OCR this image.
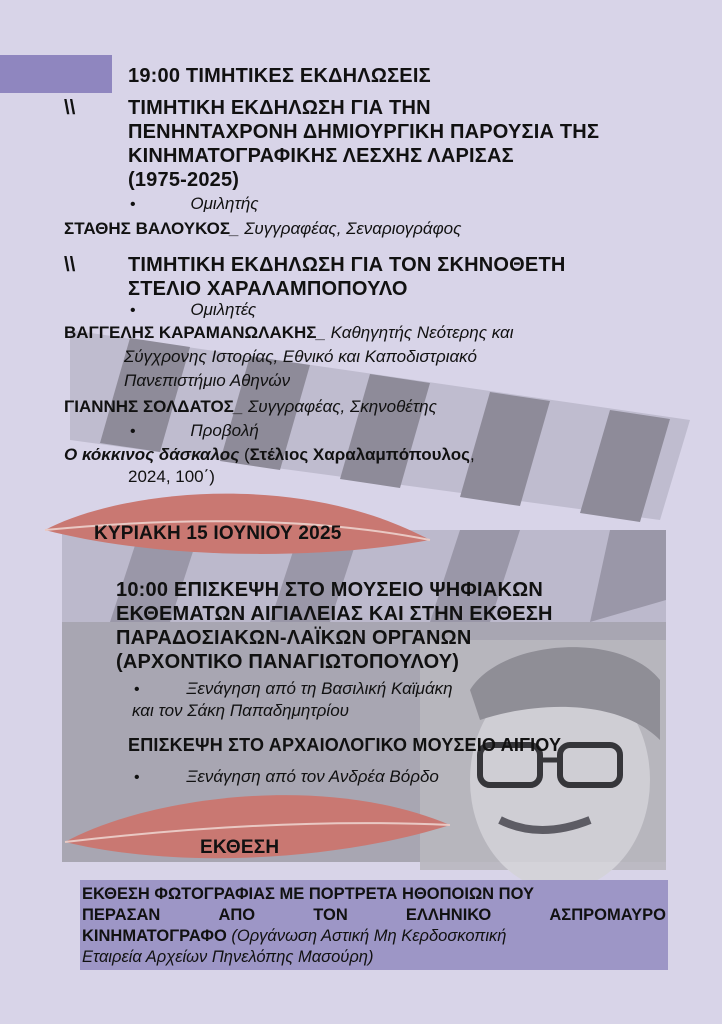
19:00 ΤΙΜΗΤΙΚΕΣ ΕΚΔΗΛΩΣΕΙΣ
\\	ΤΙΜΗΤΙΚΗ ΕΚΔΗΛΩΣΗ ΓΙΑ ΤΗΝ
ΠΕΝΗΝΤΑΧΡΟΝΗ ΔΗΜΙΟΥΡΓΙΚΗ ΠΑΡΟΥΣΙΑ ΤΗΣ
ΚΙΝΗΜΑΤΟΓΡΑΦΙΚΗΣ ΛΕΣΧΗΣ ΛΑΡΙΣΑΣ
(1975-2025)
•	Ομιλητής
ΣΤΑΘΗΣ ΒΑΛΟΥΚΟΣ_ Συγγραφέας, Σεναριογράφος
\\	ΤΙΜΗΤΙΚΗ ΕΚΔΗΛΩΣΗ ΓΙΑ ΤΟΝ ΣΚΗΝΟΘΕΤΗ
ΣΤΕΛΙΟ ΧΑΡΑΛΑΜΠΟΠΟΥΛΟ
•	Ομιλητές
ΒΑΓΓΕΛΗΣ ΚΑΡΑΜΑΝΩΛΑΚΗΣ_ Καθηγητής Νεότερης και
Σύγχρονης Ιστορίας, Εθνικό και Καποδιστριακό
Πανεπιστήμιο Αθηνών
ΓΙΑΝΝΗΣ ΣΟΛΔΑΤΟΣ_ Συγγραφέας, Σκηνοθέτης
•	Προβολή
Ο κόκκινος δάσκαλος (Στέλιος Χαραλαμπόπουλος,
2024, 100΄)
ΚΥΡΙΑΚΗ 15 ΙΟΥΝΙΟΥ 2025
10:00 ΕΠΙΣΚΕΨΗ ΣΤΟ ΜΟΥΣΕΙΟ ΨΗΦΙΑΚΩΝ
ΕΚΘΕΜΑΤΩΝ ΑΙΓΙΑΛΕΙΑΣ ΚΑΙ ΣΤΗΝ ΕΚΘΕΣΗ
ΠΑΡΑΔΟΣΙΑΚΩΝ-ΛΑΪΚΩΝ ΟΡΓΑΝΩΝ
(ΑΡΧΟΝΤΙΚΟ ΠΑΝΑΓΙΩΤΟΠΟΥΛΟΥ)
•	Ξενάγηση από τη Βασιλική Καϊμάκη
και τον Σάκη Παπαδημητρίου
ΕΠΙΣΚΕΨΗ ΣΤΟ ΑΡΧΑΙΟΛΟΓΙΚΟ ΜΟΥΣΕΙΟ ΑΙΓΙΟΥ
•	Ξενάγηση από τον Ανδρέα Βόρδο
ΕΚΘΕΣΗ
ΕΚΘΕΣΗ ΦΩΤΟΓΡΑΦΙΑΣ ΜΕ ΠΟΡΤΡΕΤΑ ΗΘΟΠΟΙΩΝ ΠΟΥ
ΠΕΡΑΣΑΝ	ΑΠΟ	ΤΟΝ	ΕΛΛΗΝΙΚΟ	ΑΣΠΡΟΜΑΥΡΟ
ΚΙΝΗΜΑΤΟΓΡΑΦΟ (Οργάνωση Αστική Μη Κερδοσκοπική
Εταιρεία Αρχείων Πηνελόπης Μασούρη)
